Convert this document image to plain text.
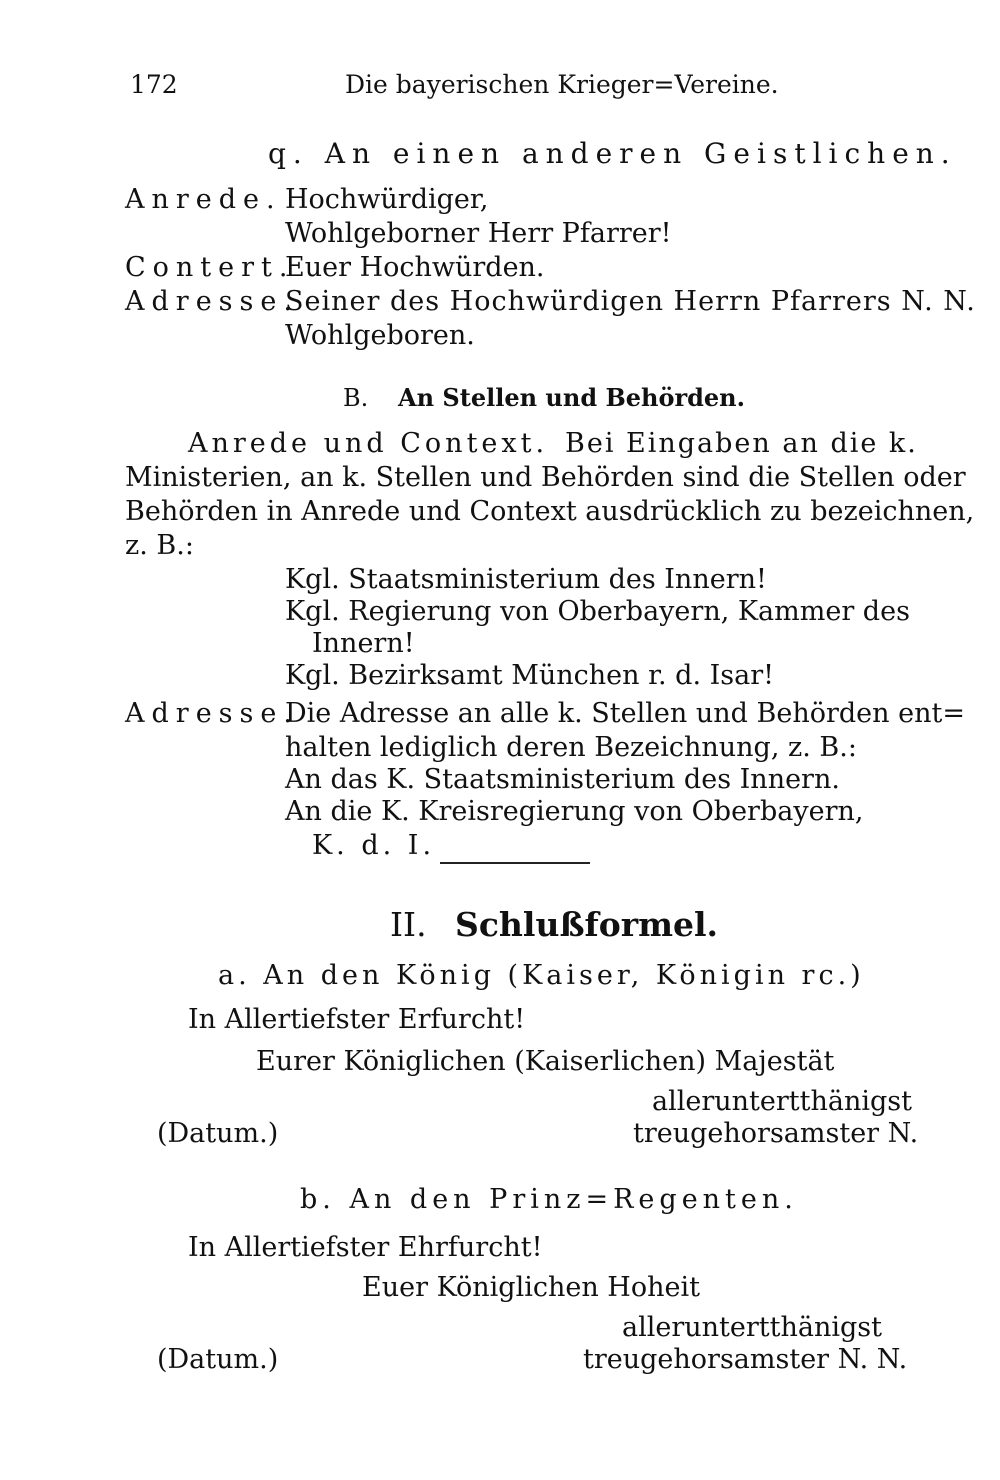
172	Die bayerischen Krieger=Vereine.
q. An einen anderen Geistlichen.
Anrede. Hochwürdiger,
Wohlgeborner Herr Pfarrer!
Contert.
Euer Hochwürden.
Adresse.
Seiner des Hochwürdigen Herrn Pfarrers N. N.
Wohlgeboren.
B. An Stellen und Behörden.
Anrede und Context. Bei Eingaben an die k.
Ministerien, an k. Stellen und Behörden sind die Stellen oder
Behörden in Anrede und Context ausdrücklich zu bezeichnen,
z. B.:
Kgl. Staatsministerium des Innern!
Kgl. Regierung von Oberbayern, Kammer des
Innern!
Kgl. Bezirksamt München r. d. Isar!
Adresse.
Die Adresse an alle k. Stellen und Behörden ent=
halten lediglich deren Bezeichnung, z. B.:
An das K. Staatsministerium des Innern.
An die K. Kreisregierung von Oberbayern,
K. d. I.
II. Schlußformel.
a. An den König (Kaiser, Königin rc.)
In Allertiefster Erfurcht!
Eurer Königlichen (Kaiserlichen) Majestät
alleruntertthänigst
(Datum.)	treugehorsamster N.
b. An den Prinz=Regenten.
In Allertiefster Ehrfurcht!
Euer Königlichen Hoheit
alleruntertthänigst
(Datum.)	treugehorsamster N. N.
